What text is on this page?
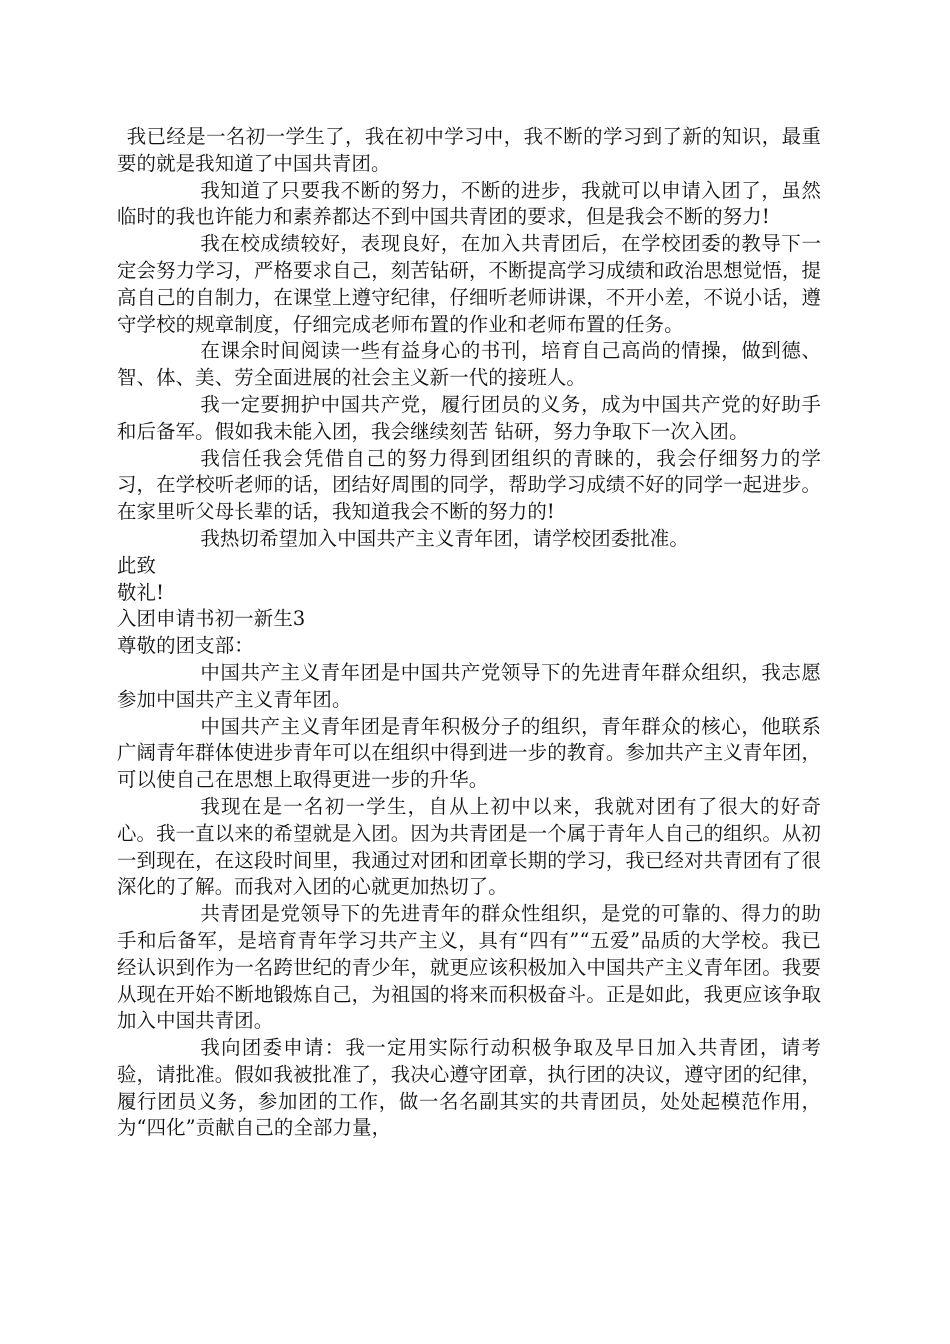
我已经是一名初一学生了，我在初中学习中，我不断的学习到了新的知识，最重要的就是我知道了中国共青团。

我知道了只要我不断的努力，不断的进步，我就可以申请入团了，虽然临时的我也许能力和素养都达不到中国共青团的要求，但是我会不断的努力!

我在校成绩较好，表现良好，在加入共青团后，在学校团委的教导下一定会努力学习，严格要求自己，刻苦钻研，不断提高学习成绩和政治思想觉悟，提高自己的自制力，在课堂上遵守纪律，仔细听老师讲课，不开小差，不说小话，遵守学校的规章制度，仔细完成老师布置的作业和老师布置的任务。

在课余时间阅读一些有益身心的书刊，培育自己高尚的情操，做到德、智、体、美、劳全面进展的社会主义新一代的接班人。

我一定要拥护中国共产党，履行团员的义务，成为中国共产党的好助手和后备军。假如我未能入团，我会继续刻苦 钻研，努力争取下一次入团。

我信任我会凭借自己的努力得到团组织的青睐的，我会仔细努力的学习，在学校听老师的话，团结好周围的同学，帮助学习成绩不好的同学一起进步。在家里听父母长辈的话，我知道我会不断的努力的!

我热切希望加入中国共产主义青年团，请学校团委批准。

此致

敬礼!

入团申请书初一新生3

尊敬的团支部：

中国共产主义青年团是中国共产党领导下的先进青年群众组织，我志愿参加中国共产主义青年团。

中国共产主义青年团是青年积极分子的组织，青年群众的核心，他联系广阔青年群体使进步青年可以在组织中得到进一步的教育。参加共产主义青年团，可以使自己在思想上取得更进一步的升华。

我现在是一名初一学生，自从上初中以来，我就对团有了很大的好奇心。我一直以来的希望就是入团。因为共青团是一个属于青年人自己的组织。从初一到现在，在这段时间里，我通过对团和团章长期的学习，我已经对共青团有了很深化的了解。而我对入团的心就更加热切了。

共青团是党领导下的先进青年的群众性组织，是党的可靠的、得力的助手和后备军，是培育青年学习共产主义，具有“四有”“五爱”品质的大学校。我已经认识到作为一名跨世纪的青少年，就更应该积极加入中国共产主义青年团。我要从现在开始不断地锻炼自己，为祖国的将来而积极奋斗。正是如此，我更应该争取加入中国共青团。

我向团委申请：我一定用实际行动积极争取及早日加入共青团，请考验，请批准。假如我被批准了，我决心遵守团章，执行团的决议，遵守团的纪律，履行团员义务，参加团的工作，做一名名副其实的共青团员，处处起模范作用，为“四化”贡献自己的全部力量，
